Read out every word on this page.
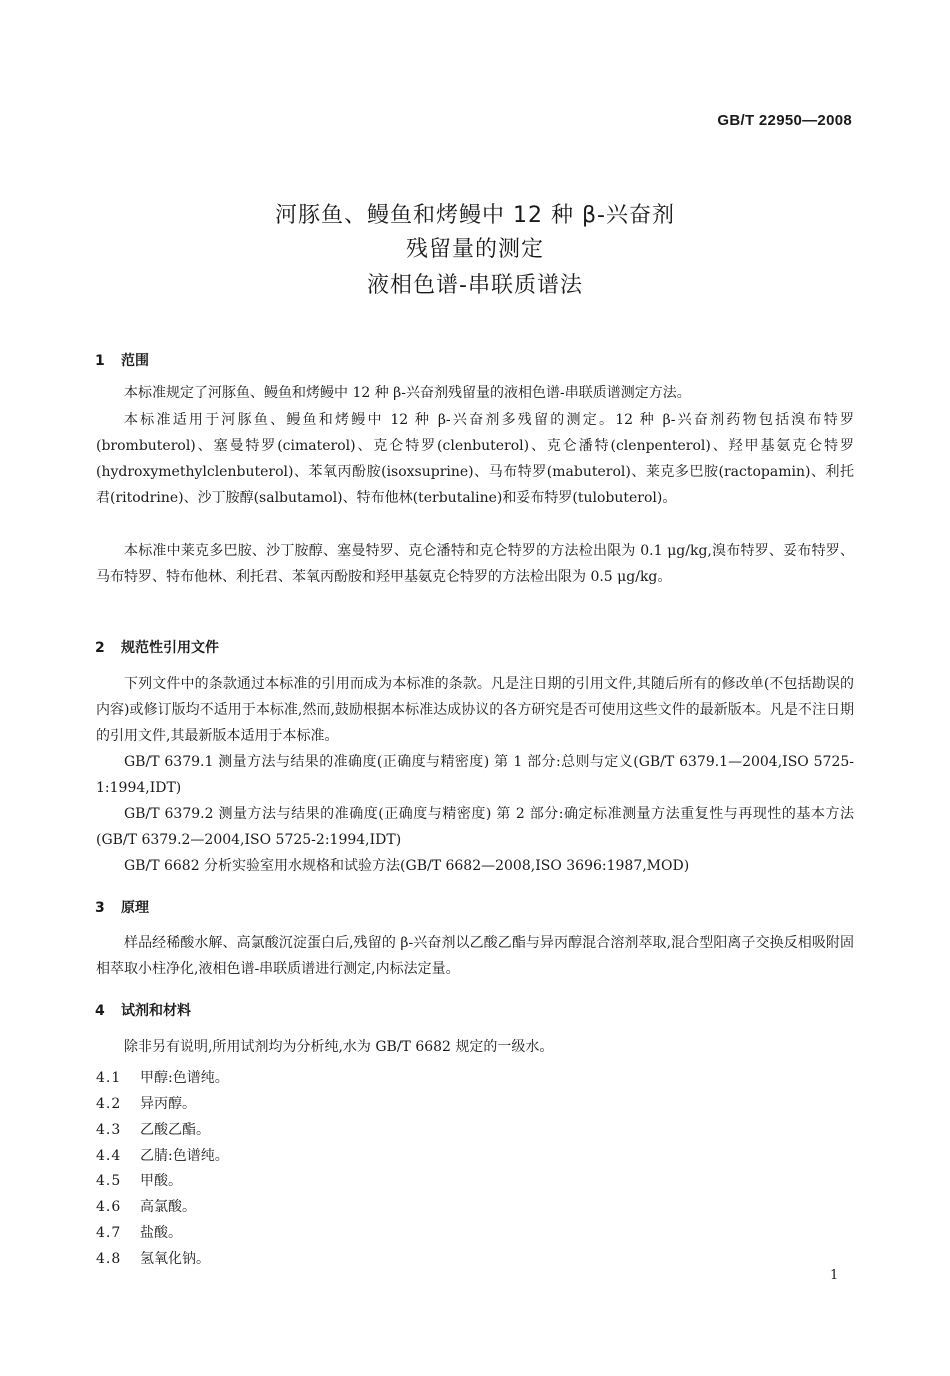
GB/T 22950—2008
河豚鱼、鳗鱼和烤鳗中 12 种 β-兴奋剂
残留量的测定
液相色谱-串联质谱法
1 范围

本标准规定了河豚鱼、鳗鱼和烤鳗中 12 种 β-兴奋剂残留量的液相色谱-串联质谱测定方法。

本标准适用于河豚鱼、鳗鱼和烤鳗中 12 种 β-兴奋剂多残留的测定。12 种 β-兴奋剂药物包括溴布特罗(brombuterol)、塞曼特罗(cimaterol)、克仑特罗(clenbuterol)、克仑潘特(clenpenterol)、羟甲基氨克仑特罗(hydroxymethylclenbuterol)、苯氧丙酚胺(isoxsuprine)、马布特罗(mabuterol)、莱克多巴胺(ractopamin)、利托君(ritodrine)、沙丁胺醇(salbutamol)、特布他林(terbutaline)和妥布特罗(tulobuterol)。

本标准中莱克多巴胺、沙丁胺醇、塞曼特罗、克仑潘特和克仑特罗的方法检出限为 0.1 μg/kg,溴布特罗、妥布特罗、马布特罗、特布他林、利托君、苯氧丙酚胺和羟甲基氨克仑特罗的方法检出限为 0.5 μg/kg。

2 规范性引用文件

下列文件中的条款通过本标准的引用而成为本标准的条款。凡是注日期的引用文件,其随后所有的修改单(不包括勘误的内容)或修订版均不适用于本标准,然而,鼓励根据本标准达成协议的各方研究是否可使用这些文件的最新版本。凡是不注日期的引用文件,其最新版本适用于本标准。

GB/T 6379.1 测量方法与结果的准确度(正确度与精密度) 第 1 部分:总则与定义(GB/T 6379.1—2004,ISO 5725-1:1994,IDT)

GB/T 6379.2 测量方法与结果的准确度(正确度与精密度) 第 2 部分:确定标准测量方法重复性与再现性的基本方法(GB/T 6379.2—2004,ISO 5725-2:1994,IDT)

GB/T 6682 分析实验室用水规格和试验方法(GB/T 6682—2008,ISO 3696:1987,MOD)

3 原理

样品经稀酸水解、高氯酸沉淀蛋白后,残留的 β-兴奋剂以乙酸乙酯与异丙醇混合溶剂萃取,混合型阳离子交换反相吸附固相萃取小柱净化,液相色谱-串联质谱进行测定,内标法定量。

4 试剂和材料

除非另有说明,所用试剂均为分析纯,水为 GB/T 6682 规定的一级水。

4.1 甲醇:色谱纯。
4.2 异丙醇。
4.3 乙酸乙酯。
4.4 乙腈:色谱纯。
4.5 甲酸。
4.6 高氯酸。
4.7 盐酸。
4.8 氢氧化钠。
1
